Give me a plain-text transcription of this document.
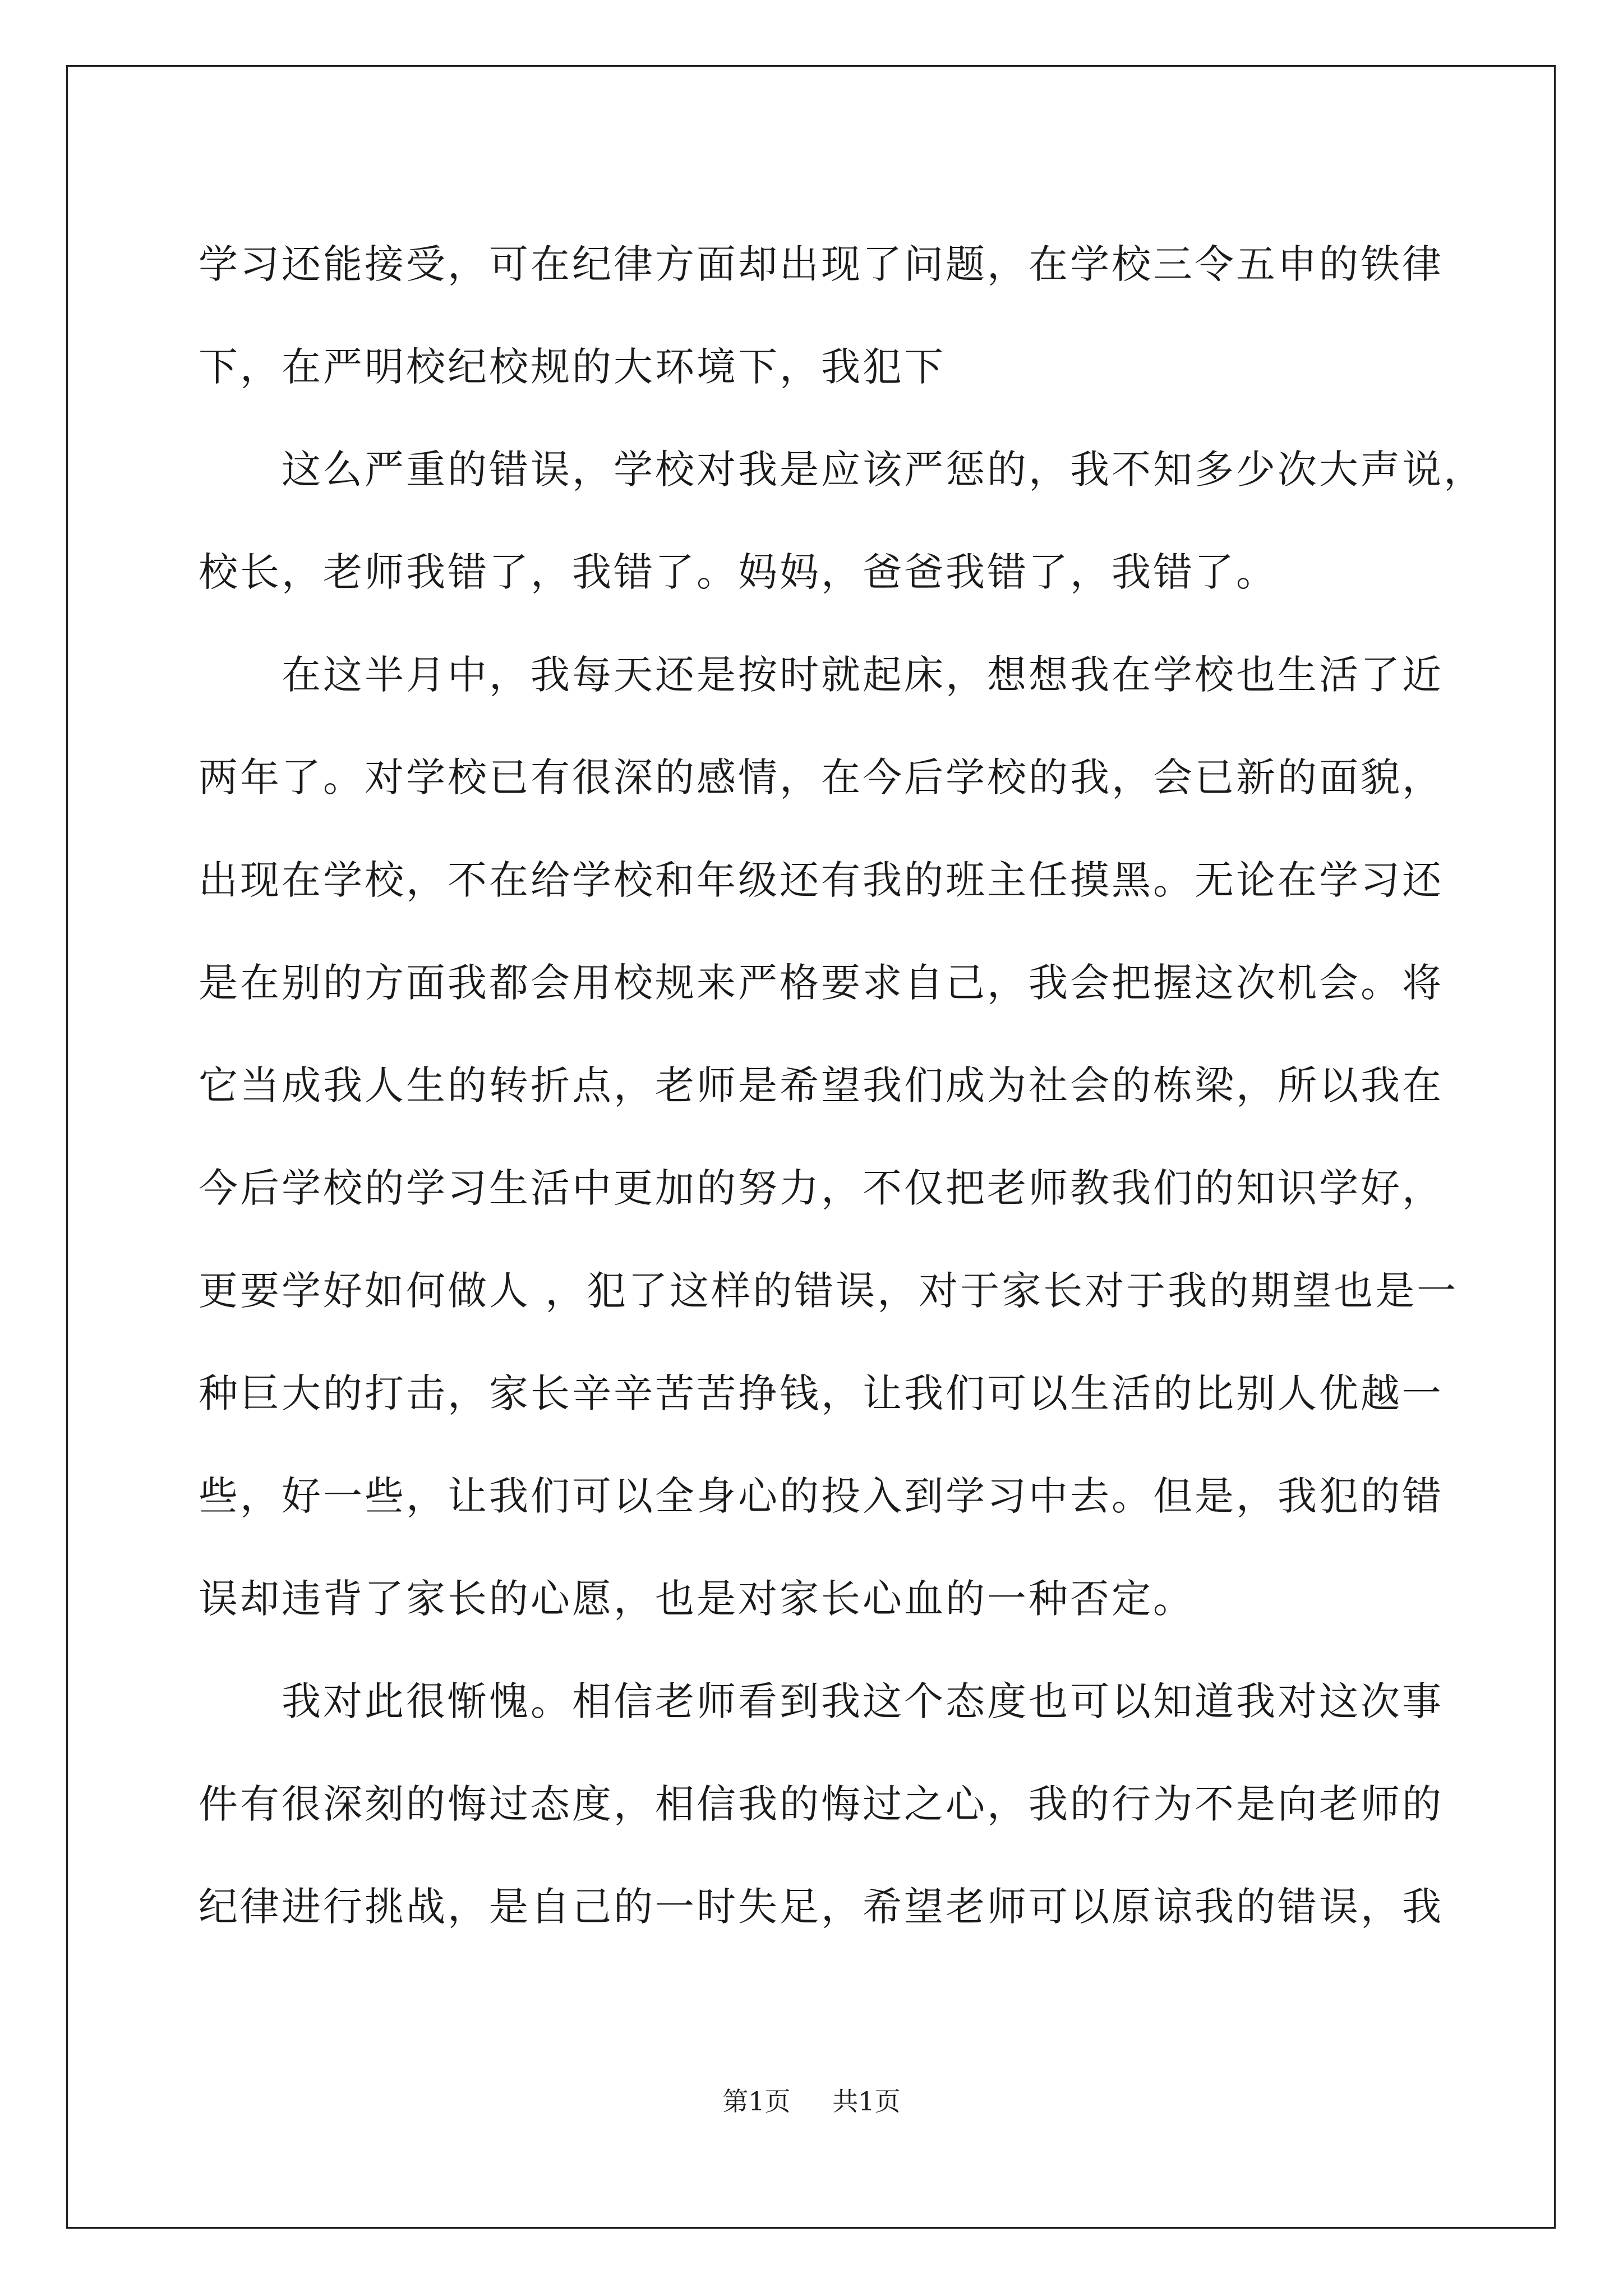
学习还能接受，可在纪律方面却出现了问题，在学校三令五申的铁律
下，在严明校纪校规的大环境下，我犯下
这么严重的错误，学校对我是应该严惩的，我不知多少次大声说，
校长，老师我错了，我错了。妈妈，爸爸我错了，我错了。
在这半月中，我每天还是按时就起床，想想我在学校也生活了近
两年了。对学校已有很深的感情，在今后学校的我，会已新的面貌，
出现在学校，不在给学校和年级还有我的班主任摸黑。无论在学习还
是在别的方面我都会用校规来严格要求自己，我会把握这次机会。将
它当成我人生的转折点，老师是希望我们成为社会的栋梁，所以我在
今后学校的学习生活中更加的努力，不仅把老师教我们的知识学好，
更要学好如何做人 ，犯了这样的错误，对于家长对于我的期望也是一
种巨大的打击，家长辛辛苦苦挣钱，让我们可以生活的比别人优越一
些，好一些，让我们可以全身心的投入到学习中去。但是，我犯的错
误却违背了家长的心愿，也是对家长心血的一种否定。
我对此很惭愧。相信老师看到我这个态度也可以知道我对这次事
件有很深刻的悔过态度，相信我的悔过之心，我的行为不是向老师的
纪律进行挑战，是自己的一时失足，希望老师可以原谅我的错误，我
第1页 共1页
